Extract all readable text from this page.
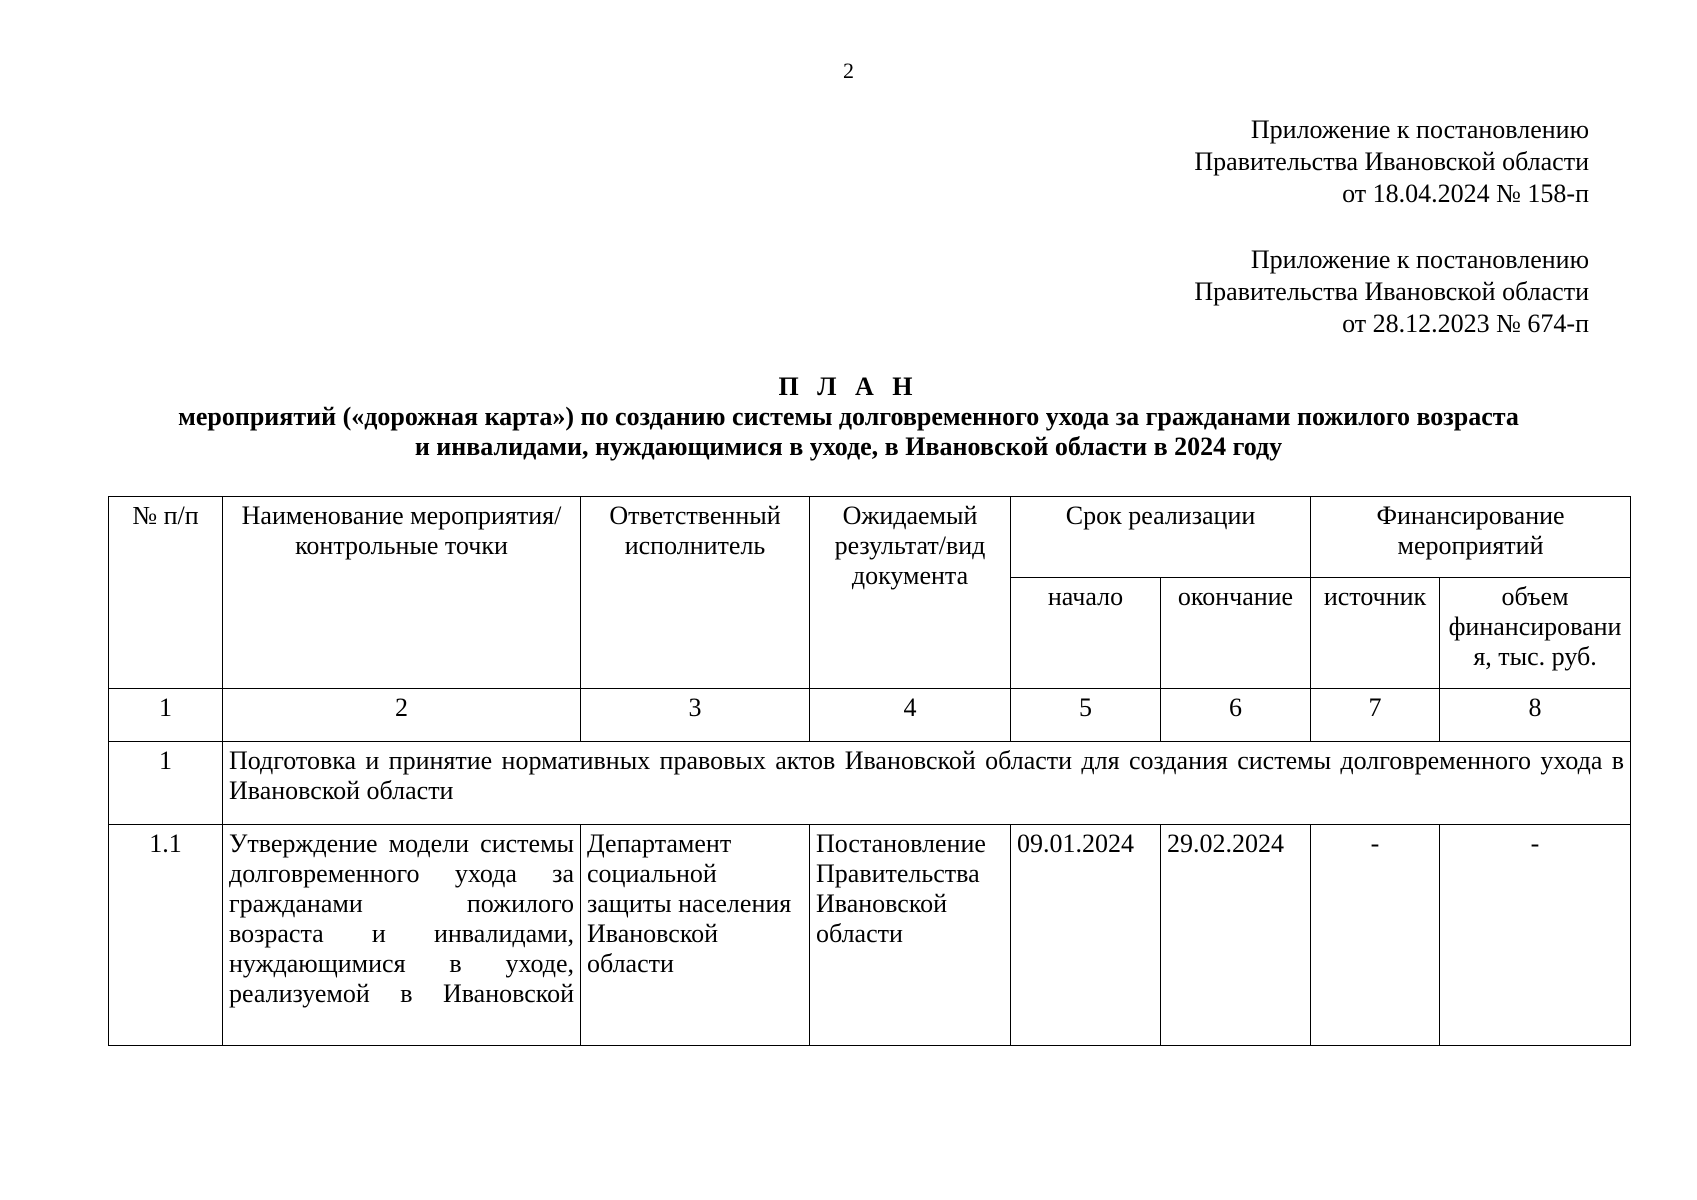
2
Приложение к постановлению
Правительства Ивановской области
от 18.04.2024 № 158-п
Приложение к постановлению
Правительства Ивановской области
от 28.12.2023 № 674-п
П Л А Н
мероприятий («дорожная карта») по созданию системы долговременного ухода за гражданами пожилого возраста
и инвалидами, нуждающимися в уходе, в Ивановской области в 2024 году
№ п/п	Наименование мероприятия/контрольные точки	Ответственный исполнитель	Ожидаемый результат/вид документа	Срок реализации		Финансирование мероприятий	
				начало	окончание	источник	объем финансирования, тыс. руб.
1	2	3	4	5	6	7	8
1	Подготовка и принятие нормативных правовых актов Ивановской области для создания системы долговременного ухода в Ивановской области						
1.1	Утверждение модели системы долговременного ухода за гражданами пожилого возраста и инвалидами, нуждающимися в уходе, реализуемой в Ивановской	Департамент социальной защиты населения Ивановской области	Постановление Правительства Ивановской области	09.01.2024	29.02.2024	-	-
